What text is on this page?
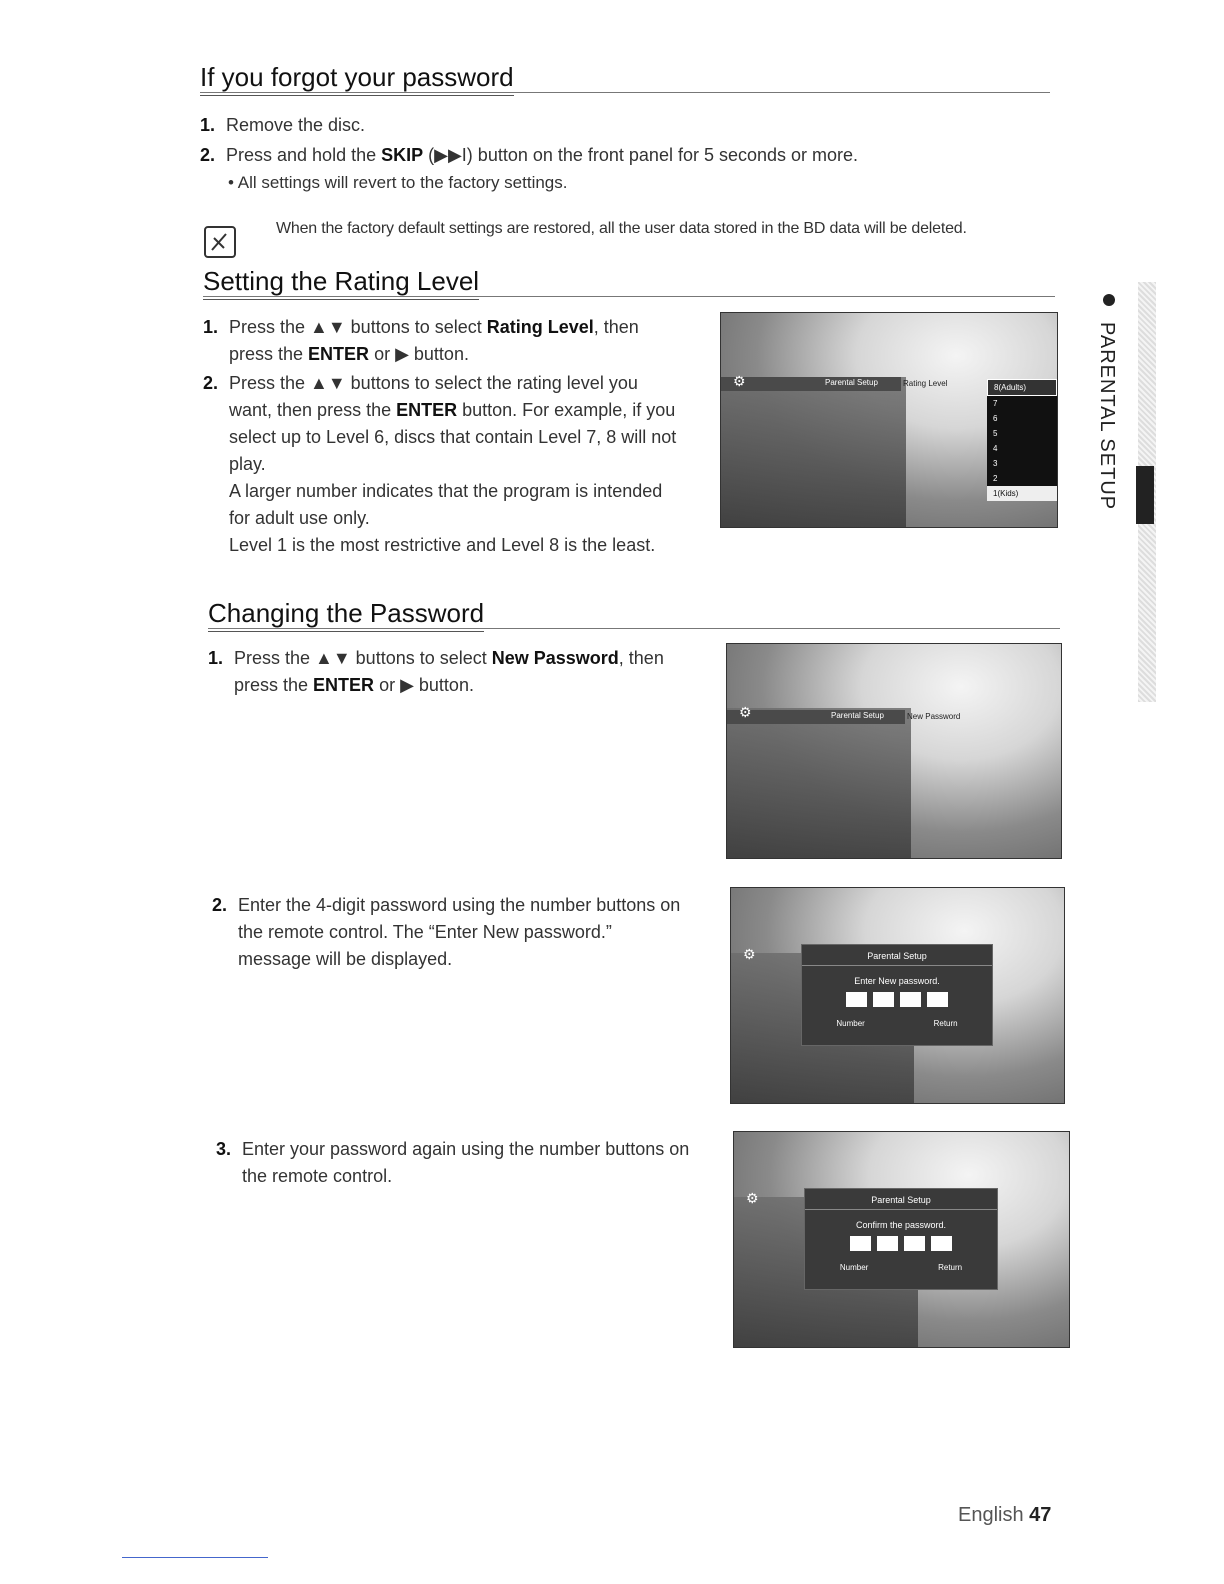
If you forgot your password
1. Remove the disc.
2. Press and hold the SKIP (▶▶I) button on the front panel for 5 seconds or more.
• All settings will revert to the factory settings.
When the factory default settings are restored, all the user data stored in the BD data will be deleted.
Setting the Rating Level
1. Press the ▲▼ buttons to select Rating Level, then
press the ENTER or ▶ button.
2. Press the ▲▼ buttons to select the rating level you
want, then press the ENTER button. For example, if you
select up to Level 6, discs that contain Level 7, 8 will not
play.
A larger number indicates that the program is intended
for adult use only.
Level 1 is the most restrictive and Level 8 is the least.
Parental Setup	Rating Level
⚙	8(Adults)
7
6
5
4
3
2
1(Kids)
Changing the Password
1. Press the ▲▼ buttons to select New Password, then
press the ENTER or ▶ button.
Parental Setup	New Password
⚙
2. Enter the 4-digit password using the number buttons on
the remote control. The “Enter New password.”
message will be displayed.	⚙	Parental Setup
Enter New password.
Number	Return
3. Enter your password again using the number buttons on
the remote control.
⚙	Parental Setup
Confirm the password.
Number	Return
PARENTAL SETUP
English 47
